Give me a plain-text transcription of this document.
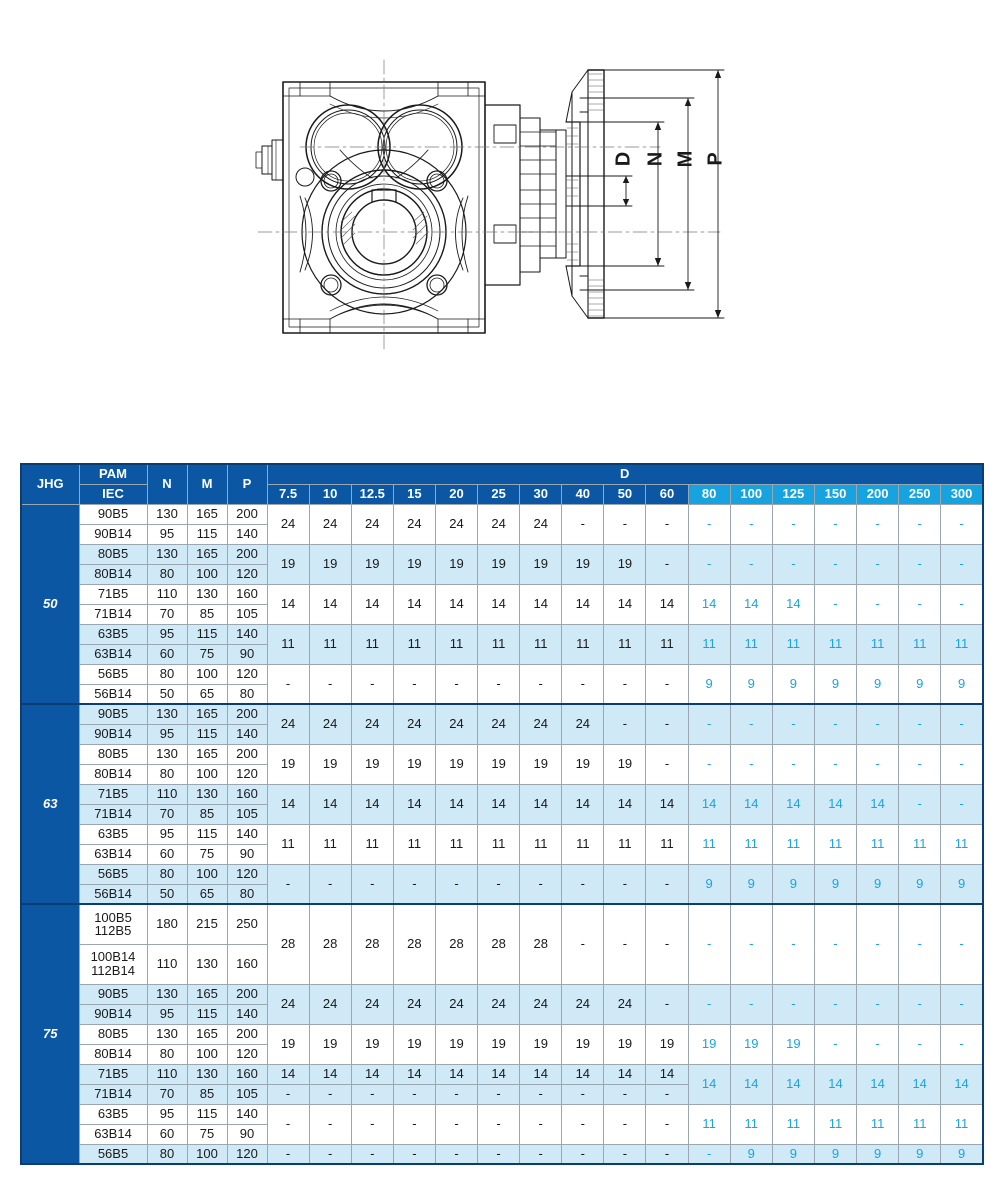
D N M P
JHG	PAM	N	M	P	D																
	IEC				7.5	10	12.5	15	20	25	30	40	50	60	80	100	125	150	200	250	300
50	90B5	130	165	200	24	24	24	24	24	24	24	-	-	-	-	-	-	-	-	-	-
	90B14	95	115	140																	
	80B5	130	165	200	19	19	19	19	19	19	19	19	19	-	-	-	-	-	-	-	-
	80B14	80	100	120																	
	71B5	110	130	160	14	14	14	14	14	14	14	14	14	14	14	14	14	-	-	-	-
	71B14	70	85	105																	
	63B5	95	115	140	11	11	11	11	11	11	11	11	11	11	11	11	11	11	11	11	11
	63B14	60	75	90																	
	56B5	80	100	120	-	-	-	-	-	-	-	-	-	-	9	9	9	9	9	9	9
	56B14	50	65	80																	
63	90B5	130	165	200	24	24	24	24	24	24	24	24	-	-	-	-	-	-	-	-	-
	90B14	95	115	140																	
	80B5	130	165	200	19	19	19	19	19	19	19	19	19	-	-	-	-	-	-	-	-
	80B14	80	100	120																	
	71B5	110	130	160	14	14	14	14	14	14	14	14	14	14	14	14	14	14	14	-	-
	71B14	70	85	105																	
	63B5	95	115	140	11	11	11	11	11	11	11	11	11	11	11	11	11	11	11	11	11
	63B14	60	75	90																	
	56B5	80	100	120	-	-	-	-	-	-	-	-	-	-	9	9	9	9	9	9	9
	56B14	50	65	80																	
75	100B5
112B5	180	215	250	28	28	28	28	28	28	28	-	-	-	-	-	-	-	-	-	-
	100B14
112B14	110	130	160																	
	90B5	130	165	200	24	24	24	24	24	24	24	24	24	-	-	-	-	-	-	-	-
	90B14	95	115	140																	
	80B5	130	165	200	19	19	19	19	19	19	19	19	19	19	19	19	19	-	-	-	-
	80B14	80	100	120																	
	71B5	110	130	160	14	14	14	14	14	14	14	14	14	14	14	14	14	14	14	14	14
	71B14	70	85	105	-	-	-	-	-	-	-	-	-	-							
	63B5	95	115	140	-	-	-	-	-	-	-	-	-	-	11	11	11	11	11	11	11
	63B14	60	75	90																	
	56B5	80	100	120	-	-	-	-	-	-	-	-	-	-	-	9	9	9	9	9	9
